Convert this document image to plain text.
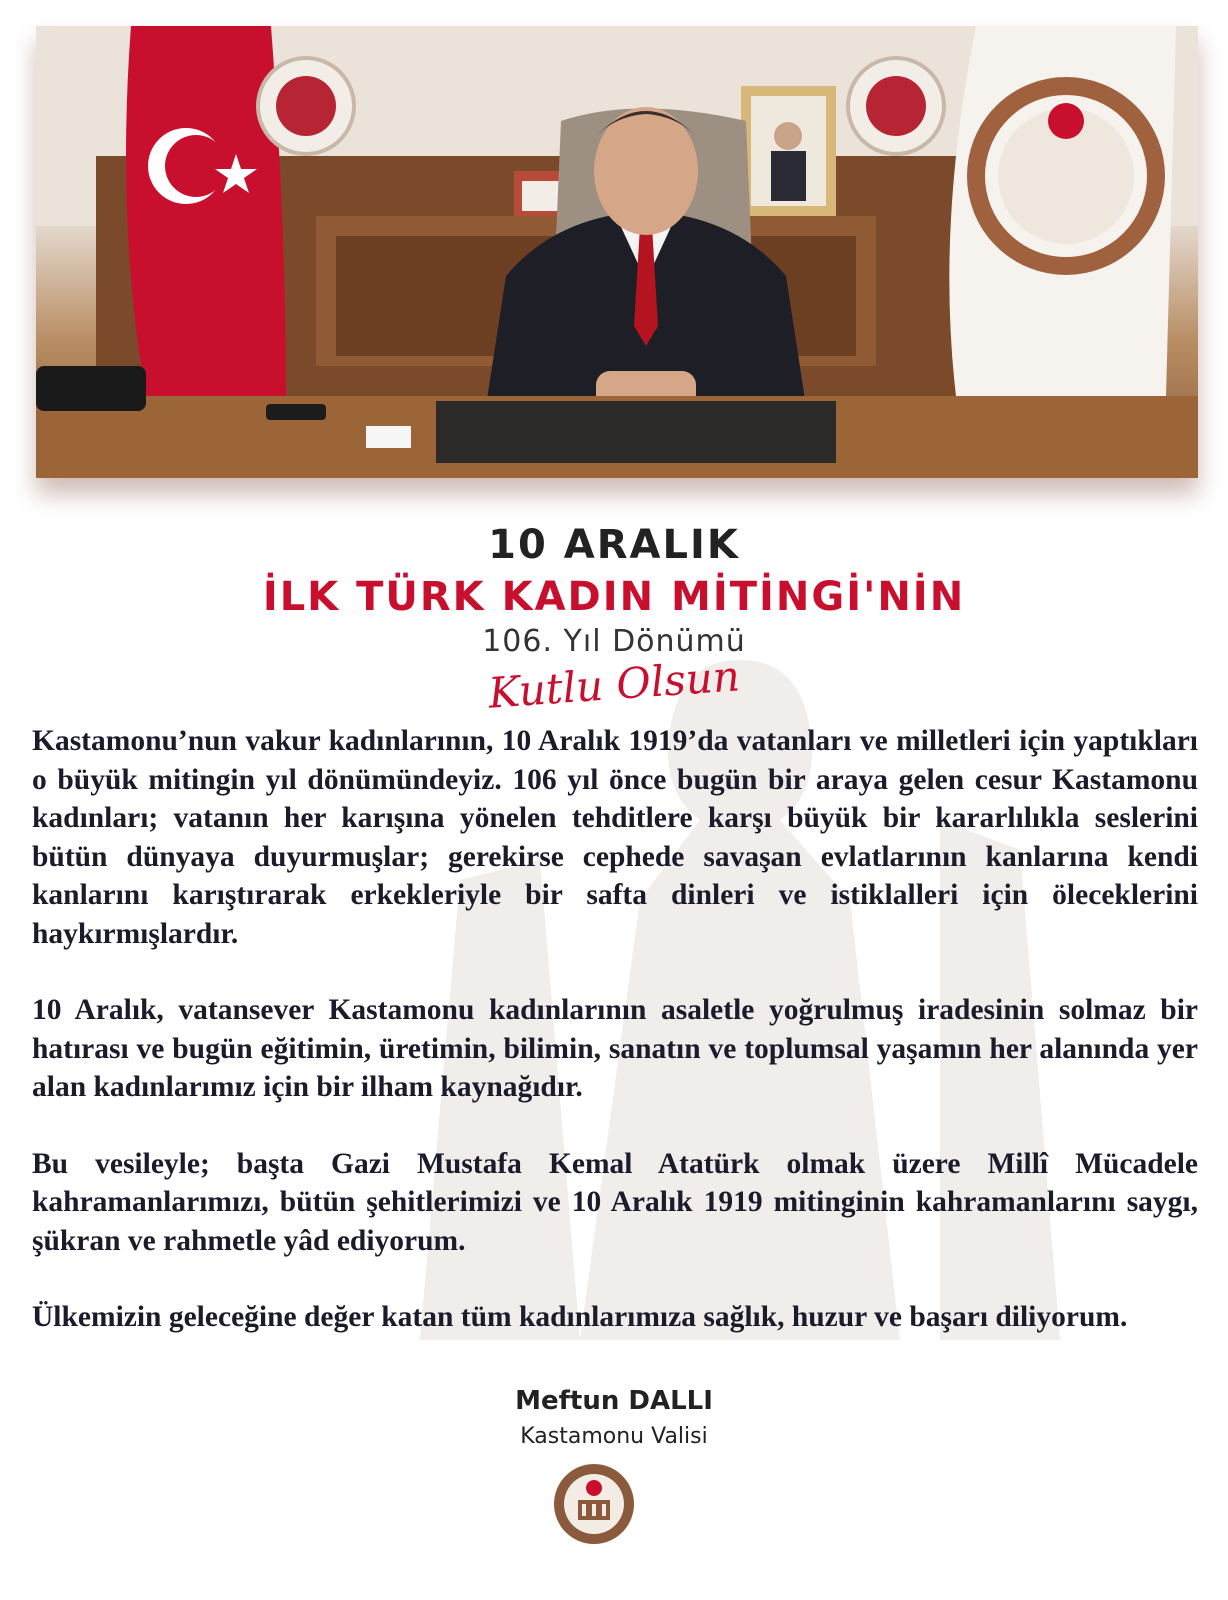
10 ARALIK
İLK TÜRK KADIN MİTİNGİ'NİN
106. Yıl Dönümü
Kutlu Olsun

Kastamonu’nun vakur kadınlarının, 10 Aralık 1919’da vatanları ve milletleri için yaptıkları o büyük mitingin yıl dönümündeyiz. 106 yıl önce bugün bir araya gelen cesur Kastamonu kadınları; vatanın her karışına yönelen tehditlere karşı büyük bir kararlılıkla seslerini bütün dünyaya duyurmuşlar; gerekirse cephede savaşan evlatlarının kanlarına kendi kanlarını karıştırarak erkekleriyle bir safta dinleri ve istiklalleri için öleceklerini haykırmışlardır.

10 Aralık, vatansever Kastamonu kadınlarının asaletle yoğrulmuş iradesinin solmaz bir hatırası ve bugün eğitimin, üretimin, bilimin, sanatın ve toplumsal yaşamın her alanında yer alan kadınlarımız için bir ilham kaynağıdır.

Bu vesileyle; başta Gazi Mustafa Kemal Atatürk olmak üzere Millî Mücadele kahramanlarımızı, bütün şehitlerimizi ve 10 Aralık 1919 mitinginin kahramanlarını saygı, şükran ve rahmetle yâd ediyorum.

Ülkemizin geleceğine değer katan tüm kadınlarımıza sağlık, huzur ve başarı diliyorum.

Meftun DALLI
Kastamonu Valisi
